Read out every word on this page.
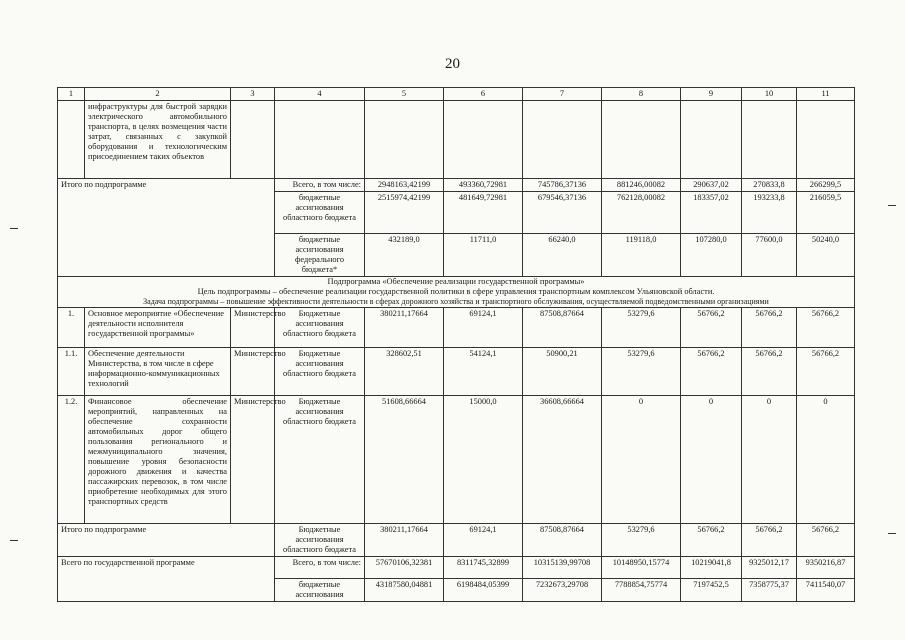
20
1	2	3	4	5	6	7	8	9	10	11
	инфраструктуры для быстрой зарядки электрического автомобильного транспорта, в целях возмещения части затрат, связанных с закупкой оборудования и технологическим присоединением таких объектов									
Итого по подпрограмме			Всего, в том числе:	2948163,42199	493360,72981	745786,37136	881246,00082	290637,02	270833,8	266299,5
			бюджетные ассигнования областного бюджета	2515974,42199	481649,72981	679546,37136	762128,00082	183357,02	193233,8	216059,5
			бюджетные ассигнования федерального бюджета*	432189,0	11711,0	66240,0	119118,0	107280,0	77600,0	50240,0

Подпрограмма «Обеспечение реализации государственной программы»
Цель подпрограммы – обеспечение реализации государственной политики в сфере управления транспортным комплексом Ульяновской области.
Задача подпрограммы – повышение эффективности деятельности в сферах дорожного хозяйства и транспортного обслуживания, осуществляемой подведомственными организациями										

1.	Основное мероприятие «Обеспечение деятельности исполнителя государственной программы»	Министерство	Бюджетные ассигнования областного бюджета	380211,17664	69124,1	87508,87664	53279,6	56766,2	56766,2	56766,2
1.1.	Обеспечение деятельности Министерства, в том числе в сфере информационно-коммуникационных технологий	Министерство	Бюджетные ассигнования областного бюджета	328602,51	54124,1	50900,21	53279,6	56766,2	56766,2	56766,2
1.2.	Финансовое обеспечение мероприятий, направленных на обеспечение сохранности автомобильных дорог общего пользования регионального и межмуниципального значения, повышение уровня безопасности дорожного движения и качества пассажирских перевозок, в том числе приобретение необходимых для этого транспортных средств	Министерство	Бюджетные ассигнования областного бюджета	51608,66664	15000,0	36608,66664	0	0	0	0
Итого по подпрограмме			Бюджетные ассигнования областного бюджета	380211,17664	69124,1	87508,87664	53279,6	56766,2	56766,2	56766,2
Всего по государственной программе			Всего, в том числе:	57670106,32381	8311745,32899	10315139,99708	10148950,15774	10219041,8	9325012,17	9350216,87
			бюджетные ассигнования	43187580,04881	6198484,05399	7232673,29708	7788854,75774	7197452,5	7358775,37	7411540,07
